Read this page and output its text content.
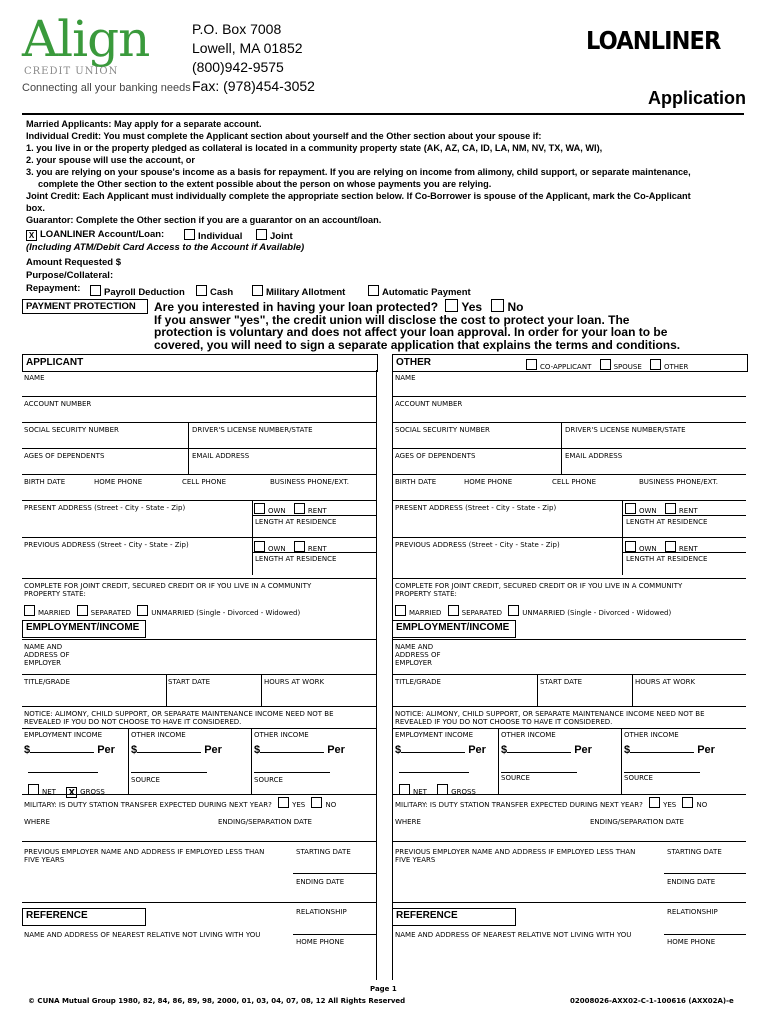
Align
CREDIT UNION
Connecting all your banking needs
P.O. Box 7008
Lowell, MA 01852
(800)942-9575
Fax: (978)454-3052
LOANLINER
Application
Married Applicants: May apply for a separate account.
Individual Credit: You must complete the Applicant section about yourself and the Other section about your spouse if:
1. you live in or the property pledged as collateral is located in a community property state (AK, AZ, CA, ID, LA, NM, NV, TX, WA, WI),
2. your spouse will use the account, or
3. you are relying on your spouse's income as a basis for repayment. If you are relying on income from alimony, child support, or separate maintenance,
complete the Other section to the extent possible about the person on whose payments you are relying.
Joint Credit: Each Applicant must individually complete the appropriate section below. If Co-Borrower is spouse of the Applicant, mark the Co-Applicant
box.
Guarantor: Complete the Other section if you are a guarantor on an account/loan.
X LOANLINER Account/Loan:	Individual	Joint
(Including ATM/Debit Card Access to the Account if Available)
Amount Requested $
Purpose/Collateral:
Repayment:	Payroll Deduction	Cash	Military Allotment	Automatic Payment
PAYMENT PROTECTION	Are you interested in having your loan protected? Yes No
If you answer "yes", the credit union will disclose the cost to protect your loan. The
protection is voluntary and does not affect your loan approval. In order for your loan to be
covered, you will need to sign a separate application that explains the terms and conditions.
APPLICANT
NAME
ACCOUNT NUMBER
SOCIAL SECURITY NUMBER	DRIVER'S LICENSE NUMBER/STATE
AGES OF DEPENDENTS	EMAIL ADDRESS
BIRTH DATE	HOME PHONE	CELL PHONE	BUSINESS PHONE/EXT.
PRESENT ADDRESS (Street - City - State - Zip)	OWN	RENT
LENGTH AT RESIDENCE
PREVIOUS ADDRESS (Street - City - State - Zip)	OWN	RENT
LENGTH AT RESIDENCE
COMPLETE FOR JOINT CREDIT, SECURED CREDIT OR IF YOU LIVE IN A COMMUNITY
PROPERTY STATE:
MARRIED	SEPARATED	UNMARRIED (Single - Divorced - Widowed)
EMPLOYMENT/INCOME
NAME AND
ADDRESS OF
EMPLOYER
TITLE/GRADE	START DATE	HOURS AT WORK
NOTICE: ALIMONY, CHILD SUPPORT, OR SEPARATE MAINTENANCE INCOME NEED NOT BE
REVEALED IF YOU DO NOT CHOOSE TO HAVE IT CONSIDERED.
EMPLOYMENT INCOME	OTHER INCOME	OTHER INCOME
$	Per $	Per	$	Per
SOURCE	SOURCE
NET X GROSS
MILITARY: IS DUTY STATION TRANSFER EXPECTED DURING NEXT YEAR?	YES	NO
WHERE	ENDING/SEPARATION DATE
PREVIOUS EMPLOYER NAME AND ADDRESS IF EMPLOYED LESS THAN
FIVE YEARS
STARTING DATE
ENDING DATE
REFERENCE	RELATIONSHIP
NAME AND ADDRESS OF NEAREST RELATIVE NOT LIVING WITH YOU
HOME PHONE
OTHER	CO-APPLICANT	SPOUSE	OTHER
NAME
ACCOUNT NUMBER
SOCIAL SECURITY NUMBER	DRIVER'S LICENSE NUMBER/STATE
AGES OF DEPENDENTS	EMAIL ADDRESS
BIRTH DATE	HOME PHONE	CELL PHONE	BUSINESS PHONE/EXT.
PRESENT ADDRESS (Street - City - State - Zip)	OWN	RENT
LENGTH AT RESIDENCE
PREVIOUS ADDRESS (Street - City - State - Zip)	OWN	RENT
LENGTH AT RESIDENCE
COMPLETE FOR JOINT CREDIT, SECURED CREDIT OR IF YOU LIVE IN A COMMUNITY
PROPERTY STATE:
MARRIED	SEPARATED	UNMARRIED (Single - Divorced - Widowed)
EMPLOYMENT/INCOME
NAME AND
ADDRESS OF
EMPLOYER
TITLE/GRADE	START DATE	HOURS AT WORK
NOTICE: ALIMONY, CHILD SUPPORT, OR SEPARATE MAINTENANCE INCOME NEED NOT BE
REVEALED IF YOU DO NOT CHOOSE TO HAVE IT CONSIDERED.
EMPLOYMENT INCOME	OTHER INCOME	OTHER INCOME
$	Per $	Per	$	Per
SOURCE	SOURCE
NET	GROSS
MILITARY: IS DUTY STATION TRANSFER EXPECTED DURING NEXT YEAR?	YES	NO
WHERE	ENDING/SEPARATION DATE
PREVIOUS EMPLOYER NAME AND ADDRESS IF EMPLOYED LESS THAN
FIVE YEARS
STARTING DATE
ENDING DATE
REFERENCE	RELATIONSHIP
NAME AND ADDRESS OF NEAREST RELATIVE NOT LIVING WITH YOU
HOME PHONE
Page 1
© CUNA Mutual Group 1980, 82, 84, 86, 89, 98, 2000, 01, 03, 04, 07, 08, 12 All Rights Reserved	02008026-AXX02-C-1-100616 (AXX02A)-e
